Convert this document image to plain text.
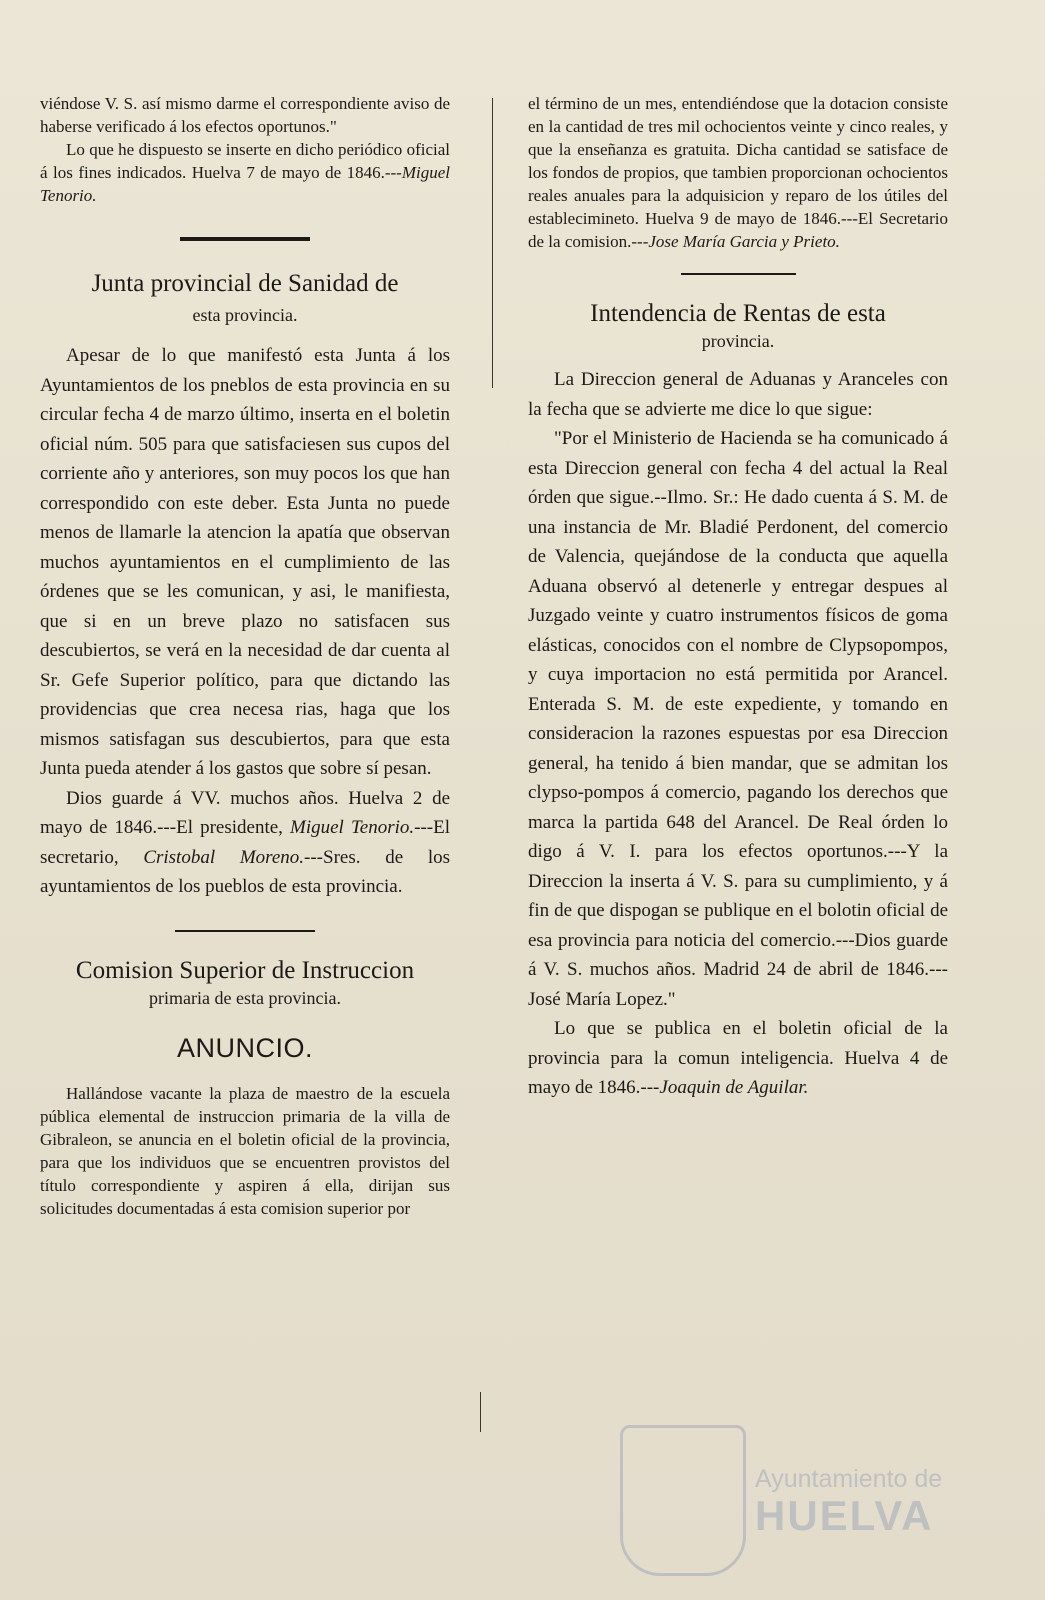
viéndose V. S. así mismo darme el correspondiente aviso de haberse verificado á los efectos oportunos."

Lo que he dispuesto se inserte en dicho periódico oficial á los fines indicados. Huelva 7 de mayo de 1846.---Miguel Tenorio.

Junta provincial de Sanidad de
esta provincia.

Apesar de lo que manifestó esta Junta á los Ayuntamientos de los pneblos de esta provincia en su circular fecha 4 de marzo último, inserta en el boletin oficial núm. 505 para que satisfaciesen sus cupos del corriente año y anteriores, son muy pocos los que han correspondido con este deber. Esta Junta no puede menos de llamarle la atencion la apatía que observan muchos ayuntamientos en el cumplimiento de las órdenes que se les comunican, y asi, le manifiesta, que si en un breve plazo no satisfacen sus descubiertos, se verá en la necesidad de dar cuenta al Sr. Gefe Superior político, para que dictando las providencias que crea necesa rias, haga que los mismos satisfagan sus descubiertos, para que esta Junta pueda atender á los gastos que sobre sí pesan.

Dios guarde á VV. muchos años. Huelva 2 de mayo de 1846.---El presidente, Miguel Tenorio.---El secretario, Cristobal Moreno.---Sres. de los ayuntamientos de los pueblos de esta provincia.

Comision Superior de Instruccion
primaria de esta provincia.
ANUNCIO.

Hallándose vacante la plaza de maestro de la escuela pública elemental de instruccion primaria de la villa de Gibraleon, se anuncia en el boletin oficial de la provincia, para que los individuos que se encuentren provistos del título correspondiente y aspiren á ella, dirijan sus solicitudes documentadas á esta comision superior por

el término de un mes, entendiéndose que la dotacion consiste en la cantidad de tres mil ochocientos veinte y cinco reales, y que la enseñanza es gratuita. Dicha cantidad se satisface de los fondos de propios, que tambien proporcionan ochocientos reales anuales para la adquisicion y reparo de los útiles del establecimineto. Huelva 9 de mayo de 1846.---El Secretario de la comision.---Jose María Garcia y Prieto.

Intendencia de Rentas de esta
provincia.

La Direccion general de Aduanas y Aranceles con la fecha que se advierte me dice lo que sigue:

"Por el Ministerio de Hacienda se ha comunicado á esta Direccion general con fecha 4 del actual la Real órden que sigue.--Ilmo. Sr.: He dado cuenta á S. M. de una instancia de Mr. Bladié Perdonent, del comercio de Valencia, quejándose de la conducta que aquella Aduana observó al detenerle y entregar despues al Juzgado veinte y cuatro instrumentos físicos de goma elásticas, conocidos con el nombre de Clypsopompos, y cuya importacion no está permitida por Arancel. Enterada S. M. de este expediente, y tomando en consideracion la razones espuestas por esa Direccion general, ha tenido á bien mandar, que se admitan los clypso-pompos á comercio, pagando los derechos que marca la partida 648 del Arancel. De Real órden lo digo á V. I. para los efectos oportunos.---Y la Direccion la inserta á V. S. para su cumplimiento, y á fin de que dispogan se publique en el bolotin oficial de esa provincia para noticia del comercio.---Dios guarde á V. S. muchos años. Madrid 24 de abril de 1846.---José María Lopez."

Lo que se publica en el boletin oficial de la provincia para la comun inteligencia. Huelva 4 de mayo de 1846.---Joaquin de Aguilar.

Ayuntamiento de
HUELVA
